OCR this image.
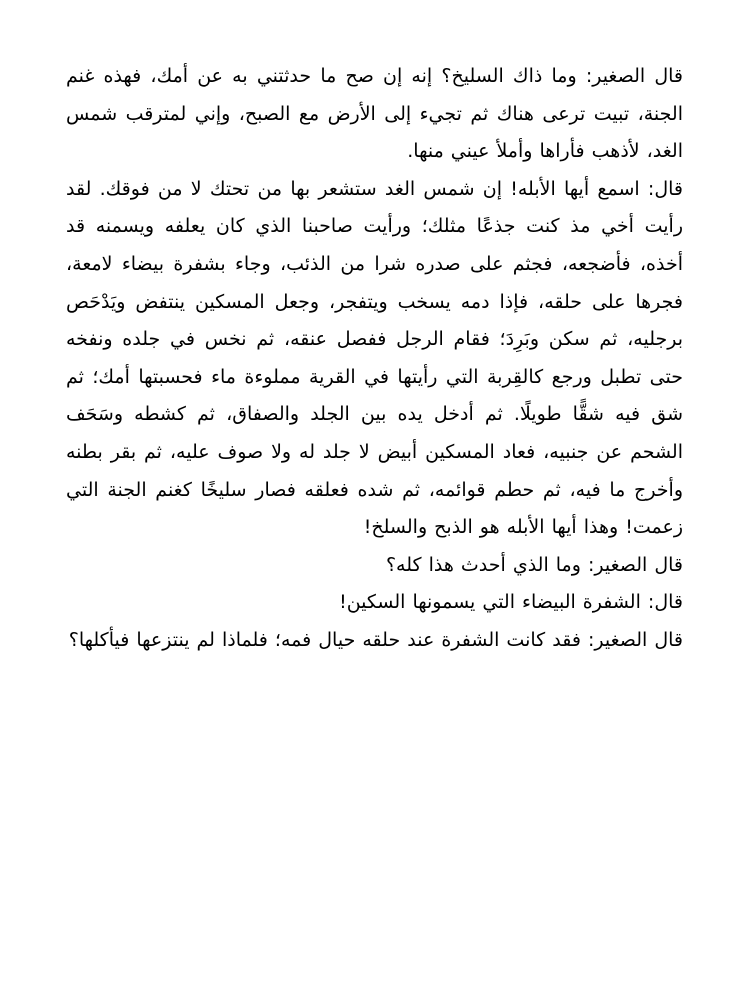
قال الصغير: وما ذاك السليخ؟ إنه إن صح ما حدثتني به عن أمك، فهذه غنم الجنة، تبيت ترعى هناك ثم تجيء إلى الأرض مع الصبح، وإني لمترقب شمس الغد، لأذهب فأراها وأملأ عيني منها.

قال: اسمع أيها الأبله! إن شمس الغد ستشعر بها من تحتك لا من فوقك. لقد رأيت أخي مذ كنت جذعًا مثلك؛ ورأيت صاحبنا الذي كان يعلفه ويسمنه قد أخذه، فأضجعه، فجثم على صدره شرا من الذئب، وجاء بشفرة بيضاء لامعة، فجرها على حلقه، فإذا دمه يسخب ويتفجر، وجعل المسكين ينتفض ويَدْحَص برجليه، ثم سكن وبَرِدَ؛ فقام الرجل ففصل عنقه، ثم نخس في جلده ونفخه حتى تطبل ورجع كالقِربة التي رأيتها في القرية مملوءة ماء فحسبتها أمك؛ ثم شق فيه شقًّا طويلًا. ثم أدخل يده بين الجلد والصفاق، ثم كشطه وسَحَف الشحم عن جنبيه، فعاد المسكين أبيض لا جلد له ولا صوف عليه، ثم بقر بطنه وأخرج ما فيه، ثم حطم قوائمه، ثم شده فعلقه فصار سليخًا كغنم الجنة التي زعمت! وهذا أيها الأبله هو الذبح والسلخ!

قال الصغير: وما الذي أحدث هذا كله؟

قال: الشفرة البيضاء التي يسمونها السكين!

قال الصغير: فقد كانت الشفرة عند حلقه حيال فمه؛ فلماذا لم ينتزعها فيأكلها؟
